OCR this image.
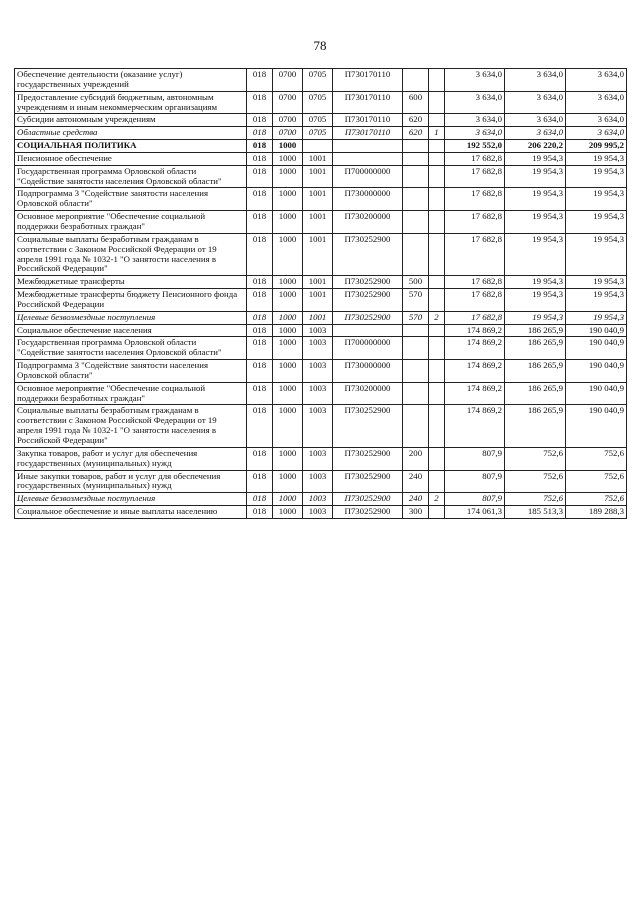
78
Обеспечение деятельности (оказание услуг) государственных учреждений	018	0700	0705	П730170110			3 634,0	3 634,0	3 634,0
Предоставление субсидий бюджетным, автономным учреждениям и иным некоммерческим организациям	018	0700	0705	П730170110	600		3 634,0	3 634,0	3 634,0
Субсидии автономным учреждениям	018	0700	0705	П730170110	620		3 634,0	3 634,0	3 634,0
Областные средства	018	0700	0705	П730170110	620	1	3 634,0	3 634,0	3 634,0
СОЦИАЛЬНАЯ ПОЛИТИКА	018	1000					192 552,0	206 220,2	209 995,2
Пенсионное обеспечение	018	1000	1001				17 682,8	19 954,3	19 954,3
Государственная программа Орловской области "Содействие занятости населения Орловской области"	018	1000	1001	П700000000			17 682,8	19 954,3	19 954,3
Подпрограмма 3 "Содействие занятости населения Орловской области"	018	1000	1001	П730000000			17 682,8	19 954,3	19 954,3
Основное мероприятие "Обеспечение социальной поддержки безработных граждан"	018	1000	1001	П730200000			17 682,8	19 954,3	19 954,3
Социальные выплаты безработным гражданам в соответствии с Законом Российской Федерации от 19 апреля 1991 года № 1032-1 "О занятости населения в Российской Федерации"	018	1000	1001	П730252900			17 682,8	19 954,3	19 954,3
Межбюджетные трансферты	018	1000	1001	П730252900	500		17 682,8	19 954,3	19 954,3
Межбюджетные трансферты бюджету Пенсионного фонда Российской Федерации	018	1000	1001	П730252900	570		17 682,8	19 954,3	19 954,3
Целевые безвозмездные поступления	018	1000	1001	П730252900	570	2	17 682,8	19 954,3	19 954,3
Социальное обеспечение населения	018	1000	1003				174 869,2	186 265,9	190 040,9
Государственная программа Орловской области "Содействие занятости населения Орловской области"	018	1000	1003	П700000000			174 869,2	186 265,9	190 040,9
Подпрограмма 3 "Содействие занятости населения Орловской области"	018	1000	1003	П730000000			174 869,2	186 265,9	190 040,9
Основное мероприятие "Обеспечение социальной поддержки безработных граждан"	018	1000	1003	П730200000			174 869,2	186 265,9	190 040,9
Социальные выплаты безработным гражданам в соответствии с Законом Российской Федерации от 19 апреля 1991 года № 1032-1 "О занятости населения в Российской Федерации"	018	1000	1003	П730252900			174 869,2	186 265,9	190 040,9
Закупка товаров, работ и услуг для обеспечения государственных (муниципальных) нужд	018	1000	1003	П730252900	200		807,9	752,6	752,6
Иные закупки товаров, работ и услуг для обеспечения государственных (муниципальных) нужд	018	1000	1003	П730252900	240		807,9	752,6	752,6
Целевые безвозмездные поступления	018	1000	1003	П730252900	240	2	807,9	752,6	752,6
Социальное обеспечение и иные выплаты населению	018	1000	1003	П730252900	300		174 061,3	185 513,3	189 288,3
